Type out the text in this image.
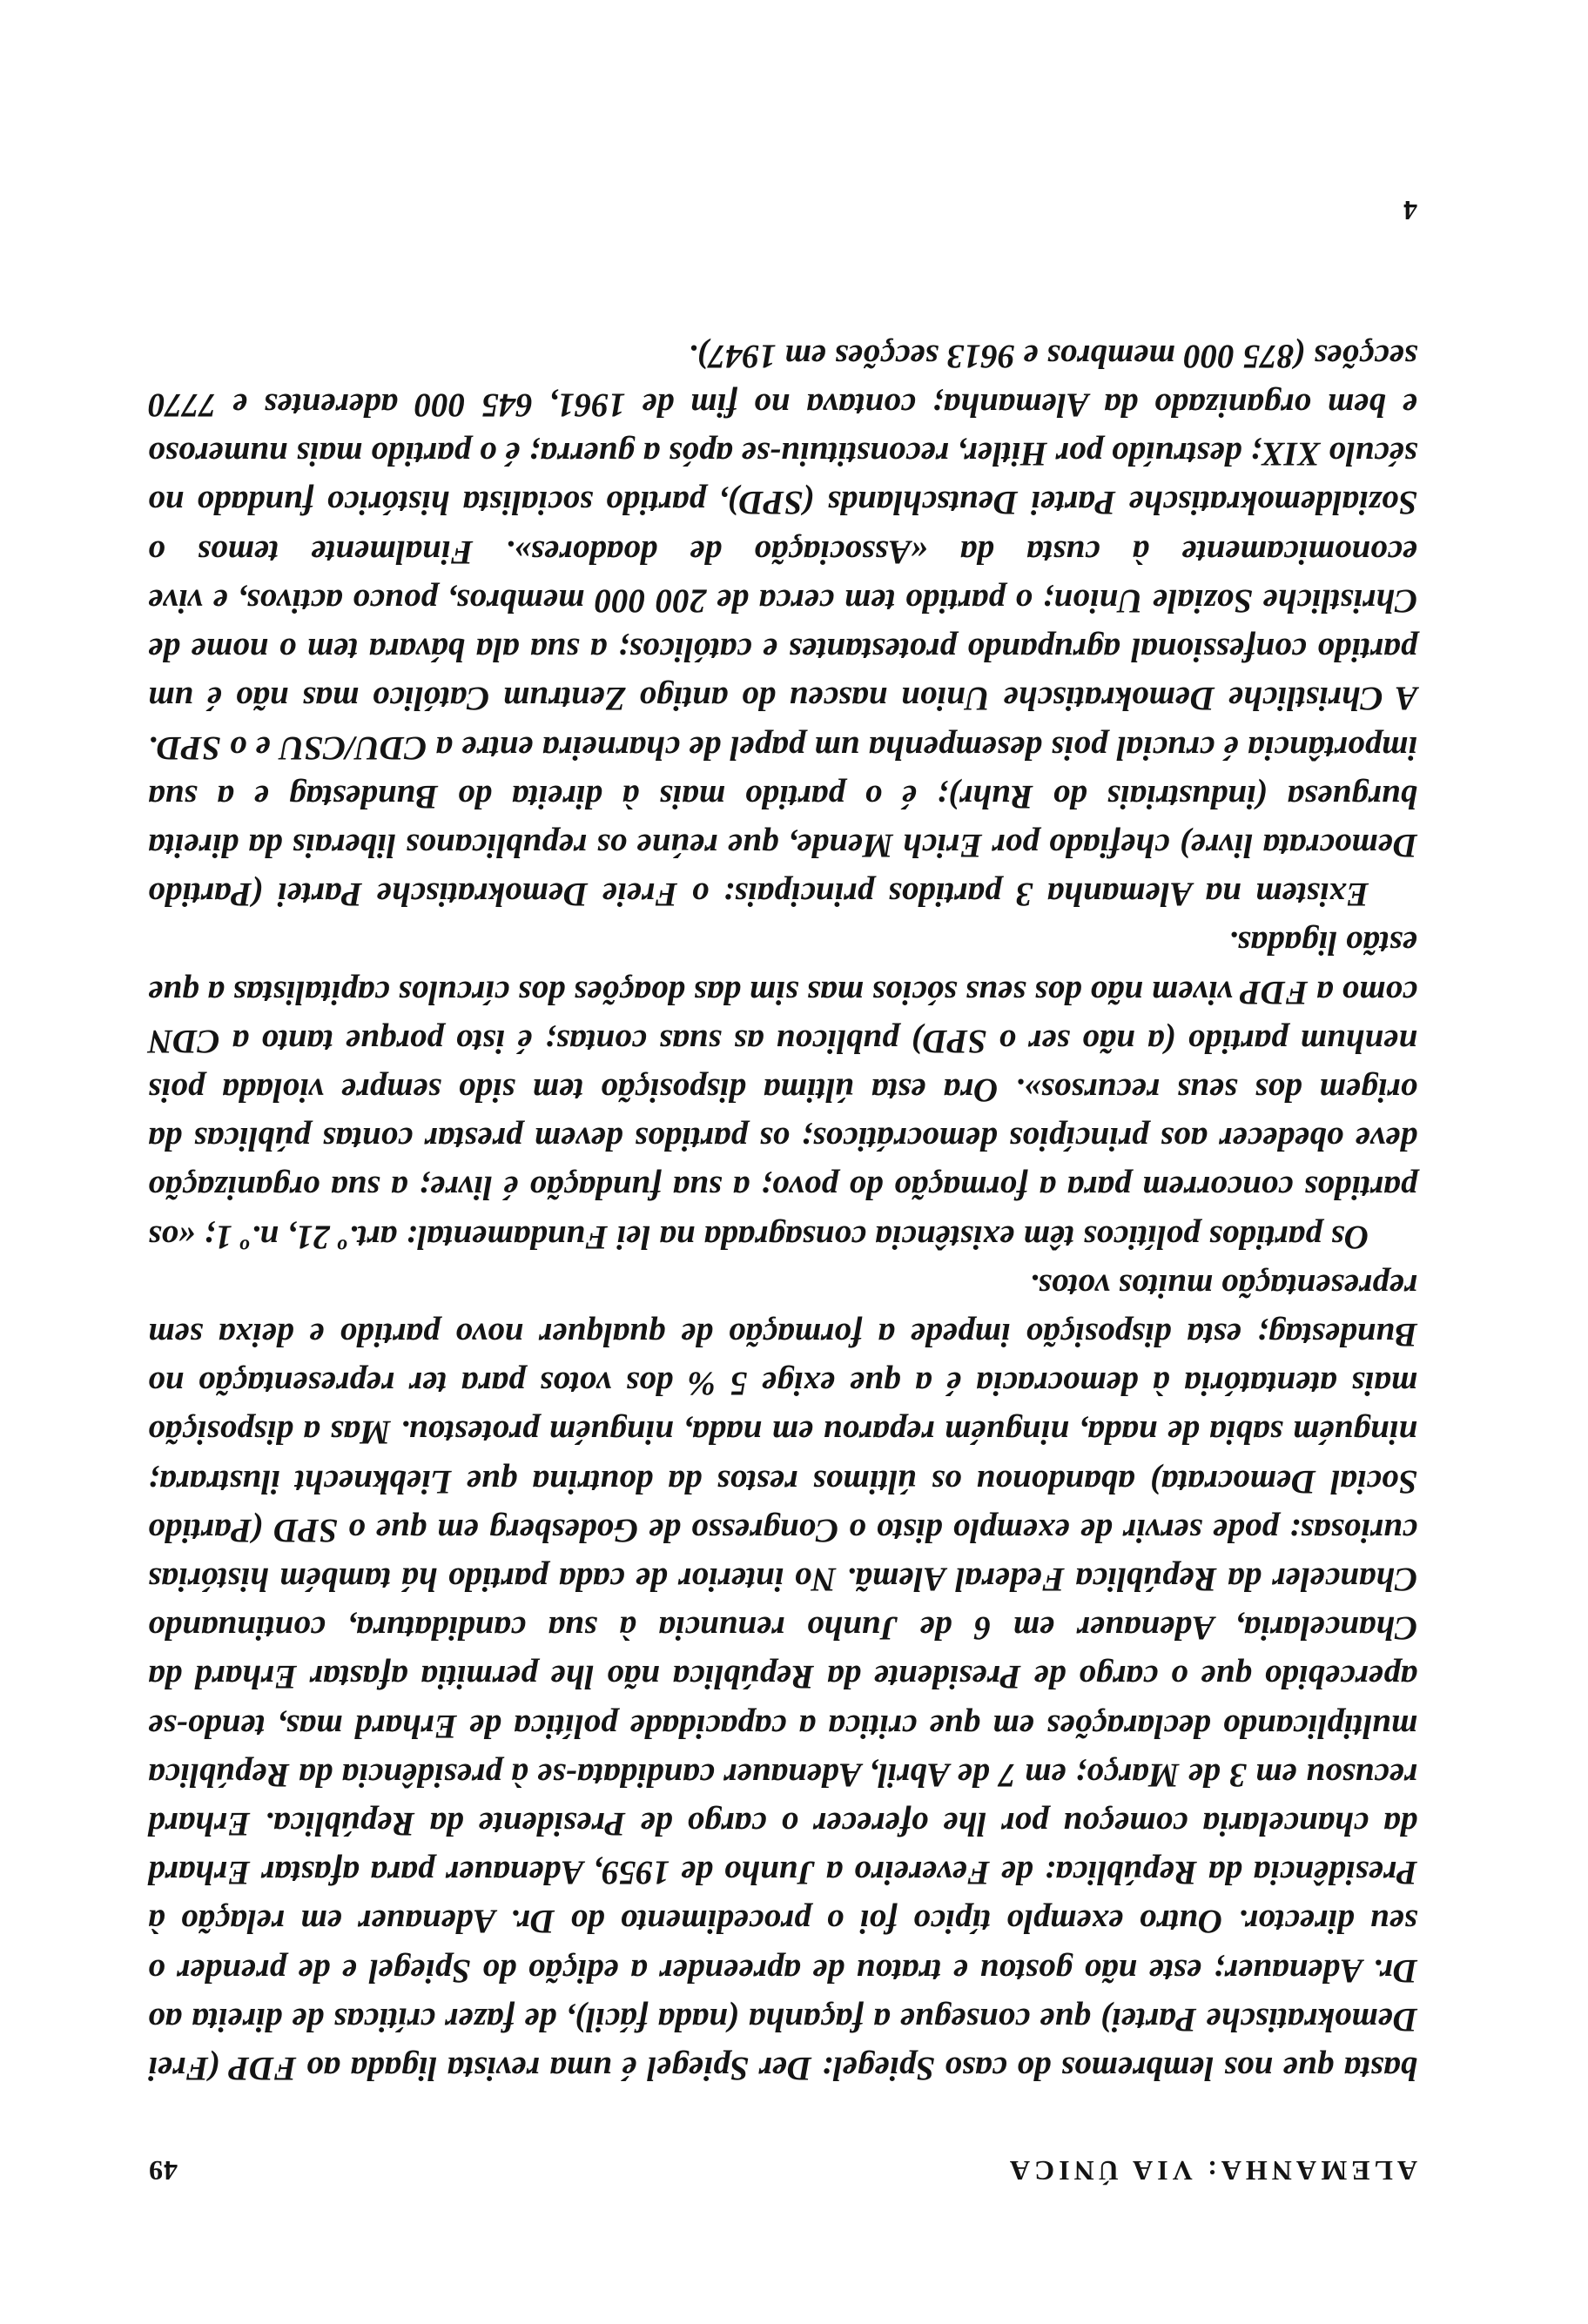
ALEMANHA: VIA ÚNICA
49

basta que nos lembremos do caso Spiegel: Der Spiegel é uma revista ligada ao FDP (Frei Demokratische Partei) que consegue a façanha (nada fácil), de fazer críticas de direita ao Dr. Adenauer; este não gostou e tratou de apreender a edição do Spiegel e de prender o seu director. Outro exemplo típico foi o procedimento do Dr. Adenauer em relação à Presidência da República: de Fevereiro a Junho de 1959, Adenauer para afastar Erhard da chancelaria começou por lhe oferecer o cargo de Presidente da República. Erhard recusou em 3 de Março; em 7 de Abril, Adenauer candidata-se à presidência da República multiplicando declarações em que critica a capacidade política de Erhard mas, tendo-se apercebido que o cargo de Presidente da República não lhe permitia afastar Erhard da Chancelaria, Adenauer em 6 de Junho renuncia à sua candidatura, continuando Chanceler da República Federal Alemã. No interior de cada partido há também histórias curiosas: pode servir de exemplo disto o Congresso de Godesberg em que o SPD (Partido Social Democrata) abandonou os últimos restos da doutrina que Liebknecht ilustrara; ninguém sabia de nada, ninguém reparou em nada, ninguém protestou. Mas a disposição mais atentatória à democracia é a que exige 5 % dos votos para ter representação no Bundestag; esta disposição impede a formação de qualquer novo partido e deixa sem representação muitos votos.

Os partidos políticos têm existência consagrada na lei Fundamental: art.º 21, n.º 1; «os partidos concorrem para a formação do povo; a sua fundação é livre; a sua organização deve obedecer aos princípios democráticos; os partidos devem prestar contas públicas da origem dos seus recursos». Ora esta última disposição tem sido sempre violada pois nenhum partido (a não ser o SPD) publicou as suas contas; é isto porque tanto a CDN como a FDP vivem não dos seus sócios mas sim das doações dos círculos capitalistas a que estão ligadas.

Existem na Alemanha 3 partidos principais: o Freie Demokratische Partei (Partido Democrata livre) chefiado por Erich Mende, que reúne os republicanos liberais da direita burguesa (industriais do Ruhr); é o partido mais à direita do Bundestag e a sua importância é crucial pois desempenha um papel de charneira entre a CDU/CSU e o SPD. A Christliche Demokratische Union nasceu do antigo Zentrum Católico mas não é um partido confessional agrupando protestantes e católicos; a sua ala bávara tem o nome de Christliche Soziale Union; o partido tem cerca de 200 000 membros, pouco activos, e vive economicamente à custa da «Associação de doadores». Finalmente temos o Sozialdemokratische Partei Deutschlands (SPD), partido socialista histórico fundado no século XIX; destruído por Hitler, reconstituiu-se após a guerra; é o partido mais numeroso e bem organizado da Alemanha; contava no fim de 1961, 645 000 aderentes e 7770 secções (875 000 membros e 9613 secções em 1947).

4
